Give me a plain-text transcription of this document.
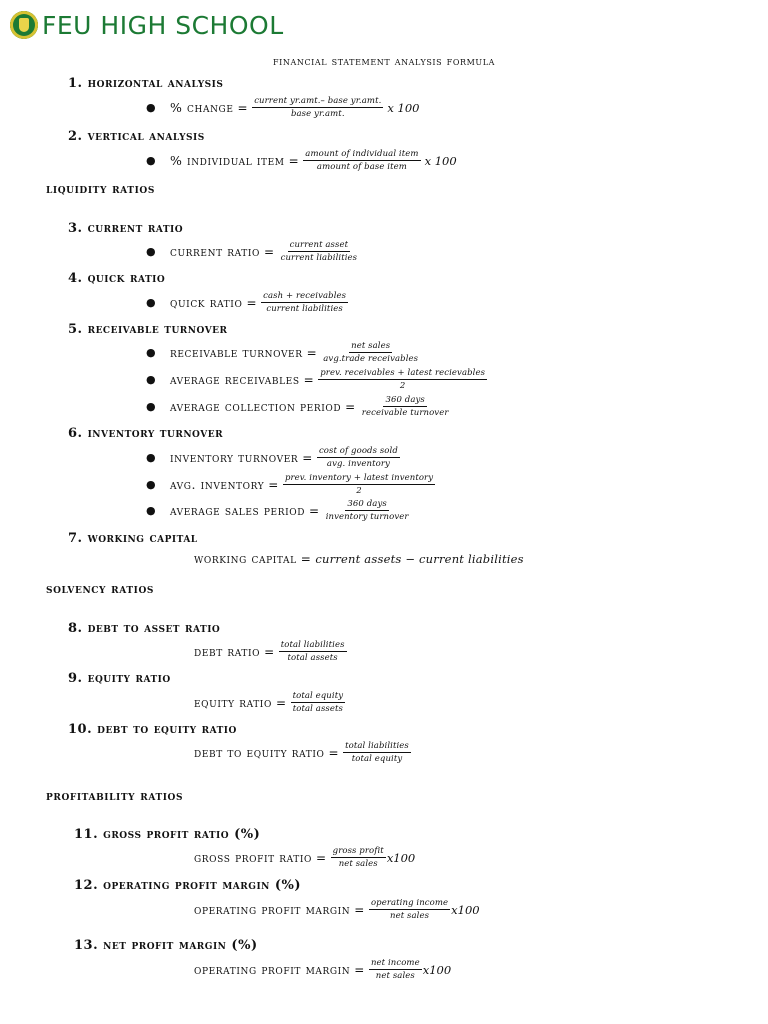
FEU HIGH SCHOOL
financial statement analysis formula
1. horizontal analysis
●	% change = $\frac{\text{current yr.amt.– base yr.amt.}}{\text{base yr.amt.}}$ x 100
2. vertical analysis
●	% individual item = $\frac{\text{amount of individual item}}{\text{amount of base item}}$ x 100
liquidity ratios
3. current ratio
●	current ratio = $\frac{\text{current asset}}{\text{current liabilities}}$
4. quick ratio
●	quick ratio = $\frac{\text{cash + receivables}}{\text{current liabilities}}$
5. receivable turnover
●	receivable turnover = $\frac{\text{net sales}}{\text{avg.trade receivables}}$
●	average receivables = $\frac{\text{prev. receivables + latest recievables}}{2}$
●	average collection period = $\frac{\text{360 days}}{\text{receivable turnover}}$
6. inventory turnover
●	inventory turnover = $\frac{\text{cost of goods sold}}{\text{avg. inventory}}$
●	avg. inventory = $\frac{\text{prev. inventory + latest inventory}}{2}$
●	average sales period = $\frac{\text{360 days}}{\text{inventory turnover}}$
7. working capital
working capital = current assets − current liabilities
solvency ratios
8. debt to asset ratio
debt ratio = $\frac{\text{total liabilities}}{\text{total assets}}$
9. equity ratio
equity ratio = $\frac{\text{total equity}}{\text{total assets}}$
10. debt to equity ratio
debt to equity ratio = $\frac{\text{total liabilities}}{\text{total equity}}$
profitability ratios
11. gross profit ratio (%)
gross profit ratio = $\frac{\text{gross profit}}{\text{net sales}} x100$
12. operating profit margin (%)
operating profit margin = $\frac{\text{operating income}}{\text{net sales}} x100$
13. net profit margin (%)
operating profit margin = $\frac{\text{net income}}{\text{net sales}} x100$
